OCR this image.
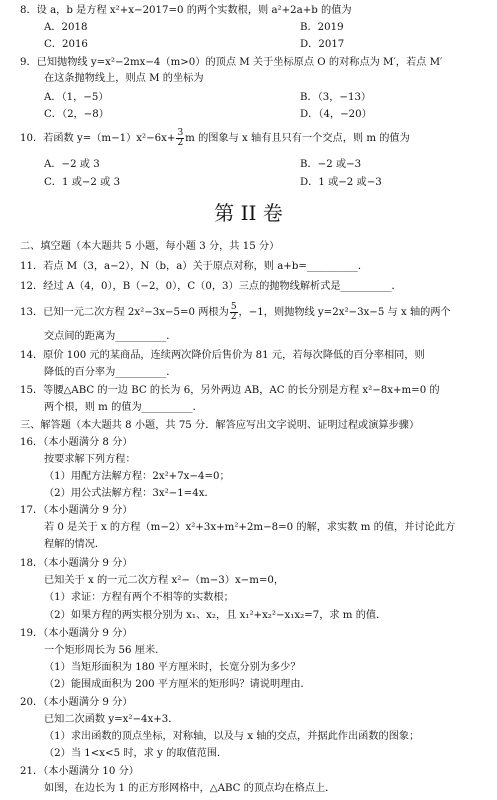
8．设 a，b 是方程 x²+x−2017=0 的两个实数根，则 a²+2a+b 的值为
A．2018	B．2019
C．2016	D．2017
9．已知抛物线 y=x²−2mx−4（m>0）的顶点 M 关于坐标原点 O 的对称点为 M′，若点 M′
在这条抛物线上，则点 M 的坐标为
A．（1，−5）	B．（3，−13）
C．（2，−8）	D．（4，−20）
10．若函数 $y=(m-1)x^2-6x+ \frac{3}{2}$ m 的图象与 x 轴有且只有一个交点，则 m 的值为
A．−2 或 3	B．−2 或−3
C．1 或−2 或 3	D．1 或−2 或−3
第 II 卷
二、填空题（本大题共 5 小题，每小题 3 分，共 15 分）
11．若点 M（3，a−2），N（b，a）关于原点对称，则 a+b=__________．
12．经过 A（4，0），B（−2，0），C（0，3）三点的抛物线解析式是__________．
13．已知一元二次方程 2x²−3x−5=0 两根为 $\frac{5}{2}$ ，−1，则抛物线 y=2x²−3x−5 与 x 轴的两个
交点间的距离为__________．
14．原价 100 元的某商品，连续两次降价后售价为 81 元，若每次降低的百分率相同，则
降低的百分率为__________．
15．等腰△ABC 的一边 BC 的长为 6，另外两边 AB，AC 的长分别是方程 x²−8x+m=0 的
两个根，则 m 的值为__________．
三、解答题（本大题共 8 小题，共 75 分．解答应写出文字说明、证明过程或演算步骤）
16．（本小题满分 8 分）
按要求解下列方程：
（1）用配方法解方程：2x²+7x−4=0；
（2）用公式法解方程：3x²−1=4x．
17．（本小题满分 9 分）
若 0 是关于 x 的方程（m−2）x²+3x+m²+2m−8=0 的解，求实数 m 的值，并讨论此方
程解的情况．
18．（本小题满分 9 分）
已知关于 x 的一元二次方程 x²−（m−3）x−m=0，
（1）求证：方程有两个不相等的实数根；
（2）如果方程的两实根分别为 x₁、x₂，且 x₁²+x₂²−x₁x₂=7，求 m 的值．
19．（本小题满分 9 分）
一个矩形周长为 56 厘米．
（1）当矩形面积为 180 平方厘米时，长宽分别为多少？
（2）能围成面积为 200 平方厘米的矩形吗？请说明理由．
20．（本小题满分 9 分）
已知二次函数 y=x²−4x+3．
（1）求出函数的顶点坐标，对称轴，以及与 x 轴的交点，并据此作出函数的图象；
（2）当 1<x<5 时，求 y 的取值范围．
21．（本小题满分 10 分）
如图，在边长为 1 的正方形网格中，△ABC 的顶点均在格点上．
